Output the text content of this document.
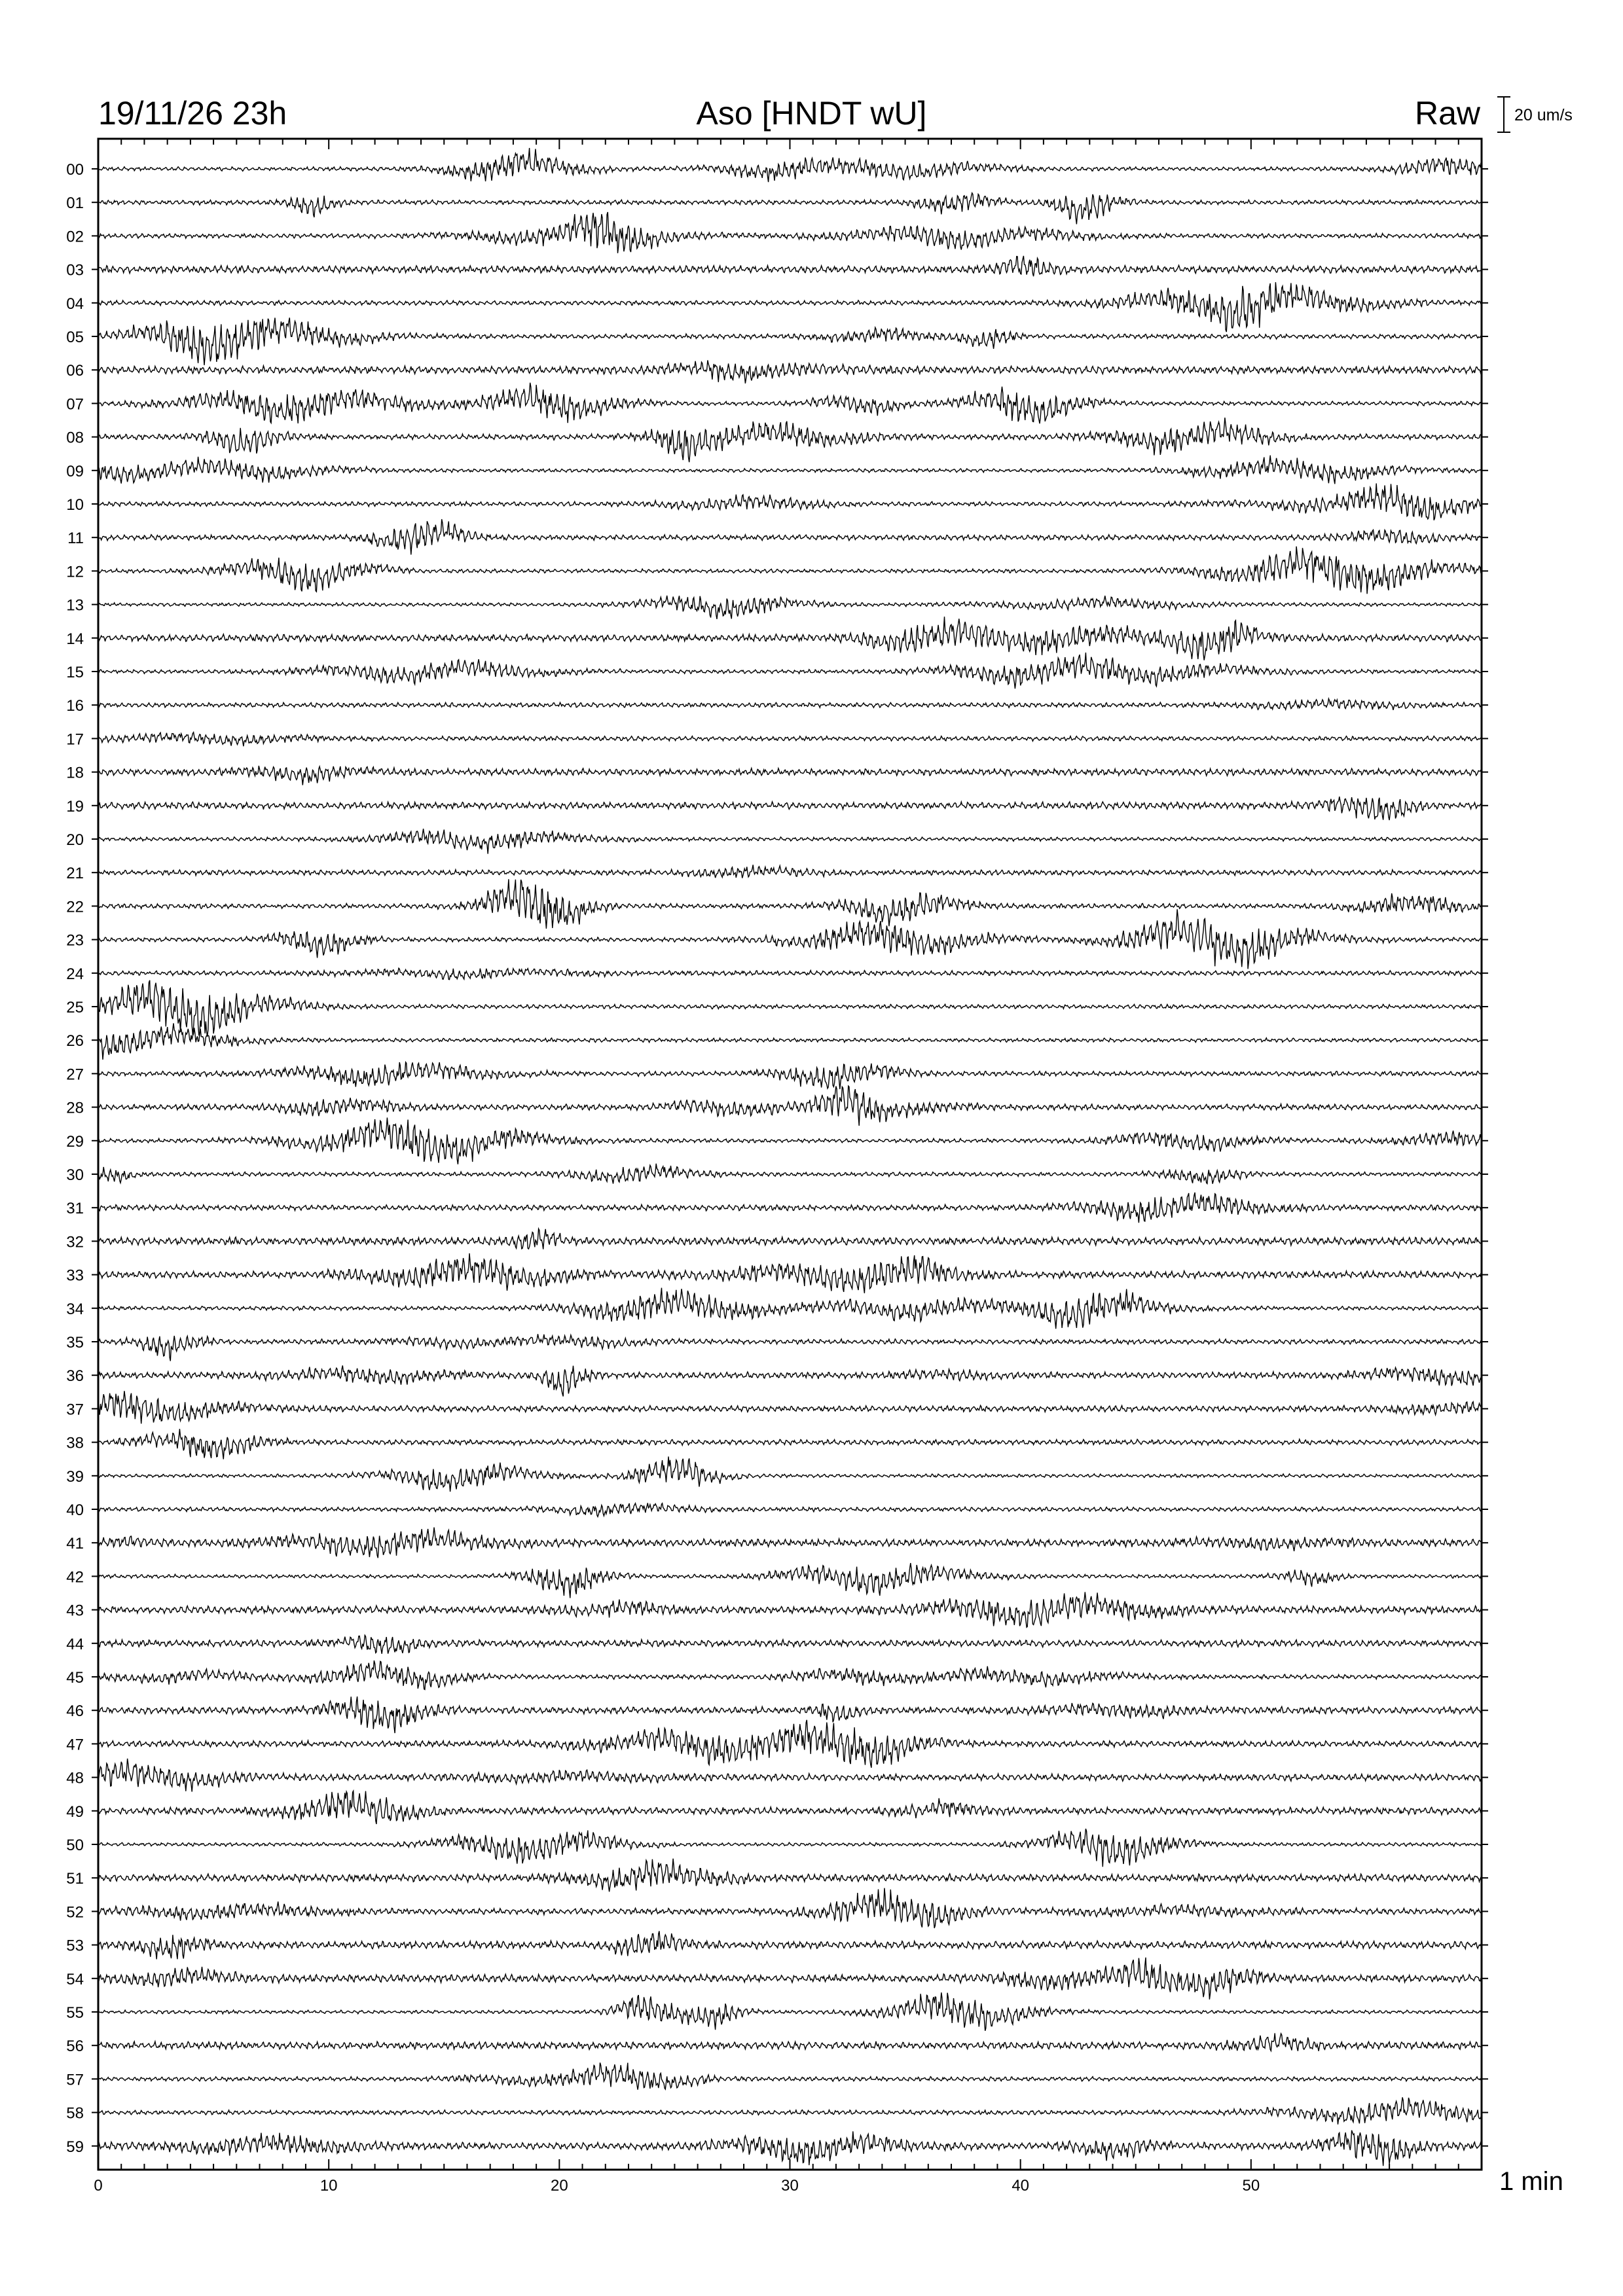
19/11/26 23h	Aso [HNDT wU]	Raw 20 um/s
1 min
00
01
02
03
04
05
06
07
08
09
10
11
12
13
14
15
16
17
18
19
20
21
22
23
24
25
26
27
28
29
30
31
32
33
34
35
36
37
38
39
40
41
42
43
44
45
46
47
48
49
50
51
52
53
54
55
56
57
58
59
0	10	20	30	40	50
